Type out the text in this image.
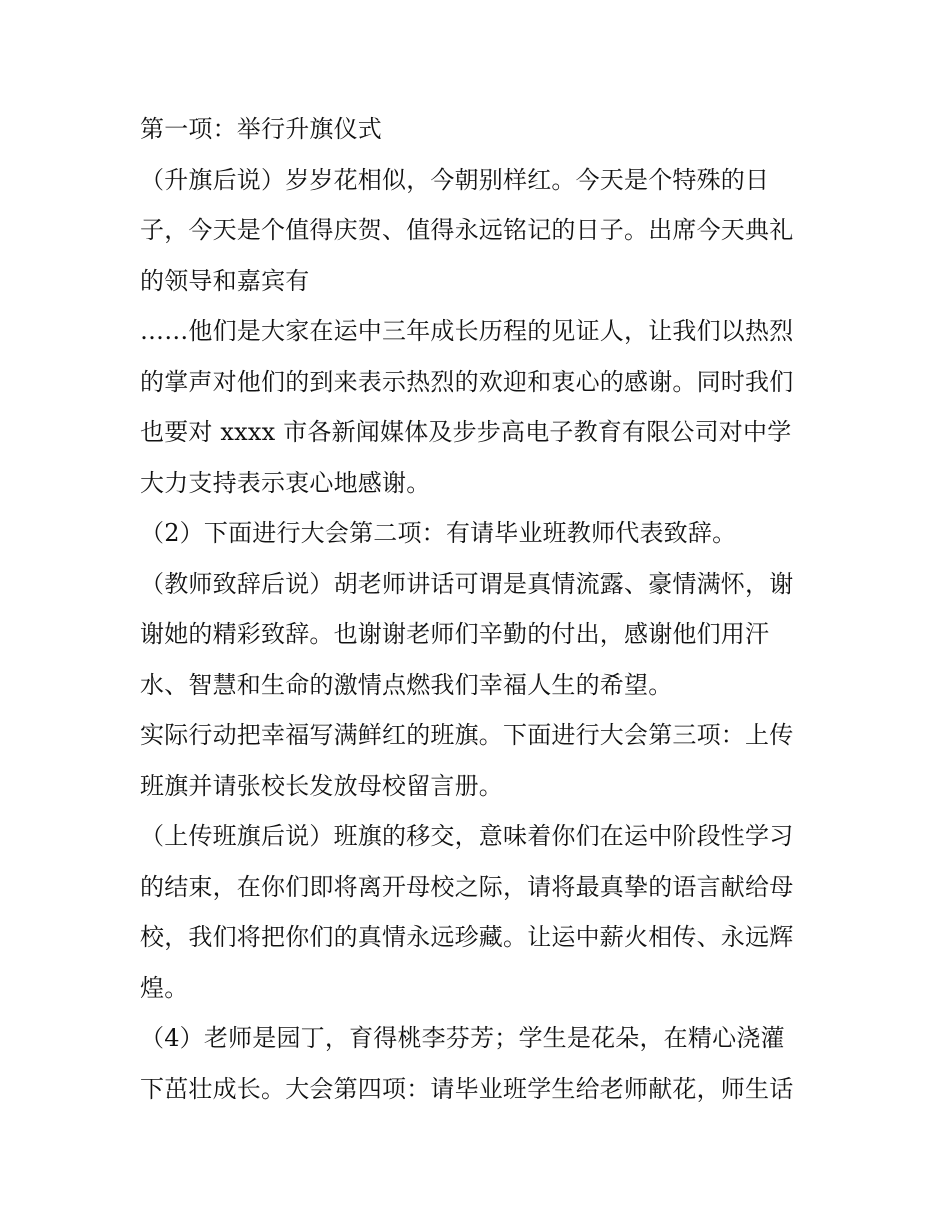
第一项：举行升旗仪式
（升旗后说）岁岁花相似，今朝别样红。今天是个特殊的日
子，今天是个值得庆贺、值得永远铭记的日子。出席今天典礼
的领导和嘉宾有
……他们是大家在运中三年成长历程的见证人，让我们以热烈
的掌声对他们的到来表示热烈的欢迎和衷心的感谢。同时我们
也要对 xxxx 市各新闻媒体及步步高电子教育有限公司对中学
大力支持表示衷心地感谢。
（2）下面进行大会第二项：有请毕业班教师代表致辞。
（教师致辞后说）胡老师讲话可谓是真情流露、豪情满怀，谢
谢她的精彩致辞。也谢谢老师们辛勤的付出，感谢他们用汗
水、智慧和生命的激情点燃我们幸福人生的希望。
实际行动把幸福写满鲜红的班旗。下面进行大会第三项：上传
班旗并请张校长发放母校留言册。
（上传班旗后说）班旗的移交，意味着你们在运中阶段性学习
的结束，在你们即将离开母校之际，请将最真挚的语言献给母
校，我们将把你们的真情永远珍藏。让运中薪火相传、永远辉
煌。
（4）老师是园丁，育得桃李芬芳；学生是花朵，在精心浇灌
下茁壮成长。大会第四项：请毕业班学生给老师献花，师生话
